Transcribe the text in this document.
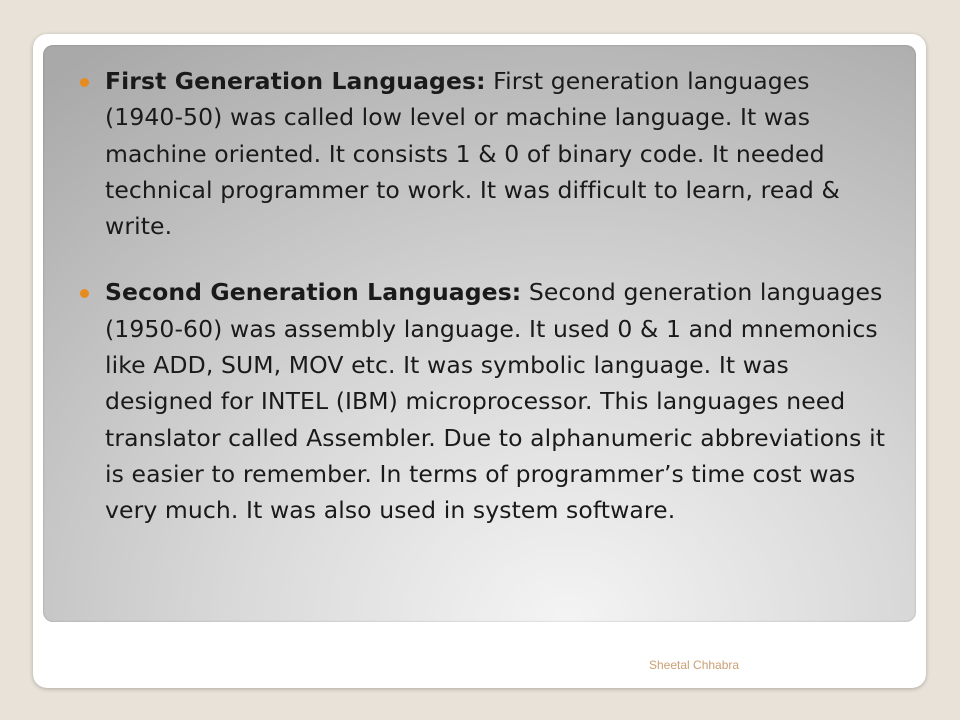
First Generation Languages: First generation languages (1940-50) was called low level or machine language. It was machine oriented. It consists 1 & 0 of binary code. It needed technical programmer to work. It was difficult to learn, read & write.
Second Generation Languages: Second generation languages (1950-60) was assembly language. It used 0 & 1 and mnemonics like ADD, SUM, MOV etc. It was symbolic language. It was designed for INTEL (IBM) microprocessor. This languages need translator called Assembler. Due to alphanumeric abbreviations it is easier to remember. In terms of programmer’s time cost was very much. It was also used in system software.
Sheetal Chhabra
